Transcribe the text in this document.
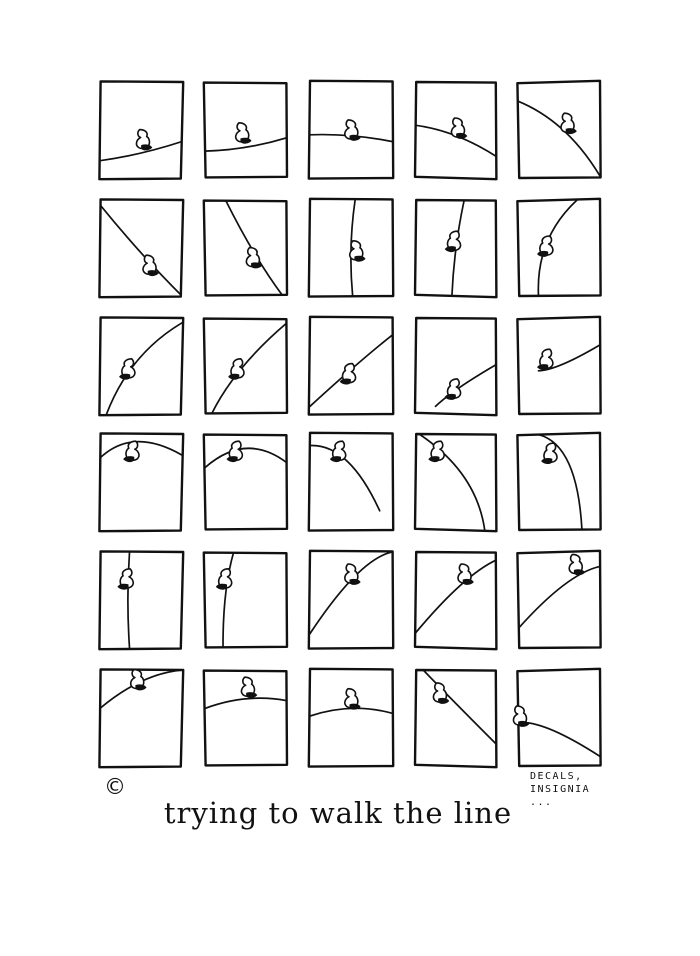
©
trying to walk the line
DECALS,
INSIGNIA
...
